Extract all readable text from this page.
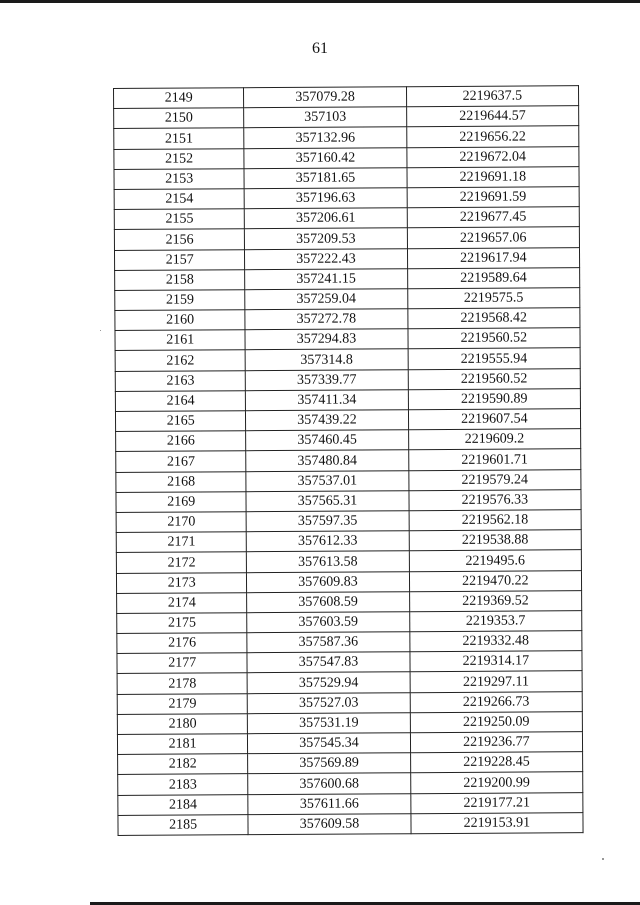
61
2149	357079.28	2219637.5
2150	357103	2219644.57
2151	357132.96	2219656.22
2152	357160.42	2219672.04
2153	357181.65	2219691.18
2154	357196.63	2219691.59
2155	357206.61	2219677.45
2156	357209.53	2219657.06
2157	357222.43	2219617.94
2158	357241.15	2219589.64
2159	357259.04	2219575.5
2160	357272.78	2219568.42
2161	357294.83	2219560.52
2162	357314.8	2219555.94
2163	357339.77	2219560.52
2164	357411.34	2219590.89
2165	357439.22	2219607.54
2166	357460.45	2219609.2
2167	357480.84	2219601.71
2168	357537.01	2219579.24
2169	357565.31	2219576.33
2170	357597.35	2219562.18
2171	357612.33	2219538.88
2172	357613.58	2219495.6
2173	357609.83	2219470.22
2174	357608.59	2219369.52
2175	357603.59	2219353.7
2176	357587.36	2219332.48
2177	357547.83	2219314.17
2178	357529.94	2219297.11
2179	357527.03	2219266.73
2180	357531.19	2219250.09
2181	357545.34	2219236.77
2182	357569.89	2219228.45
2183	357600.68	2219200.99
2184	357611.66	2219177.21
2185	357609.58	2219153.91
